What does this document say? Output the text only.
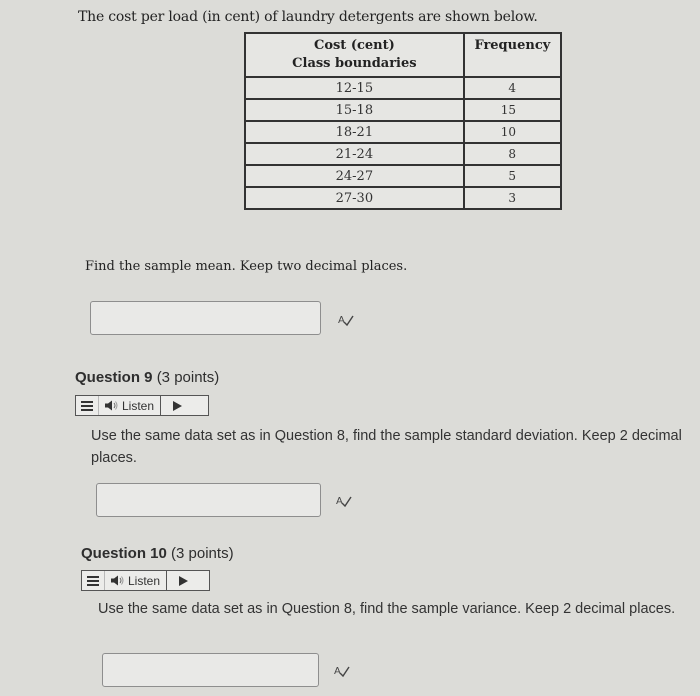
The cost per load (in cent) of laundry detergents are shown below.
Cost (cent)
Class boundaries	Frequency
12-15	4
15-18	15
18-21	10
21-24	8
24-27	5
27-30	3
Find the sample mean. Keep two decimal places.
A
Question 9 (3 points)
Listen
Use the same data set as in Question 8, find the sample standard deviation. Keep 2 decimal places.
A
Question 10 (3 points)
Listen
Use the same data set as in Question 8, find the sample variance. Keep 2 decimal places.
A
